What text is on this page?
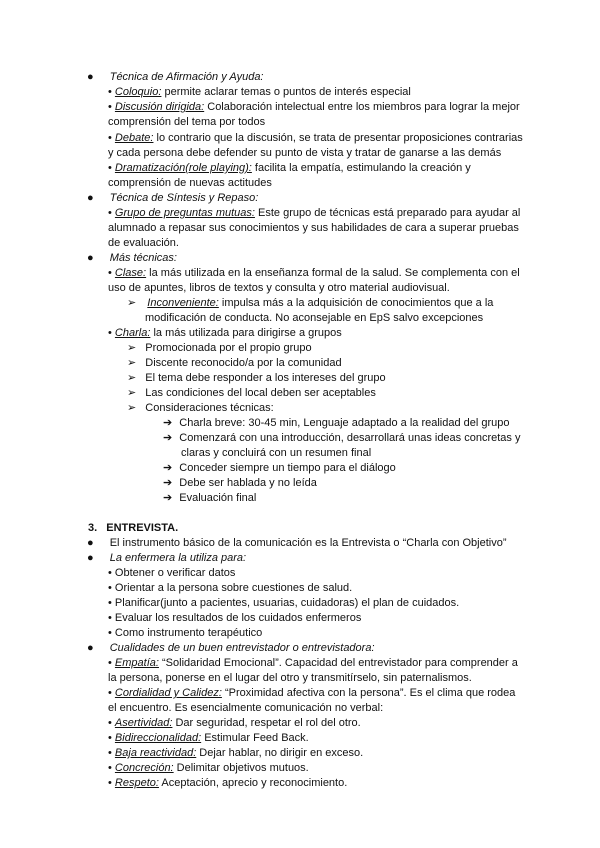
● Técnica de Afirmación y Ayuda:
• Coloquio: permite aclarar temas o puntos de interés especial
• Discusión dirigida: Colaboración intelectual entre los miembros para lograr la mejor
comprensión del tema por todos
• Debate: lo contrario que la discusión, se trata de presentar proposiciones contrarias
y cada persona debe defender su punto de vista y tratar de ganarse a las demás
• Dramatización(role playing): facilita la empatía, estimulando la creación y
comprensión de nuevas actitudes
● Técnica de Síntesis y Repaso:
• Grupo de preguntas mutuas: Este grupo de técnicas está preparado para ayudar al
alumnado a repasar sus conocimientos y sus habilidades de cara a superar pruebas
de evaluación.
● Más técnicas:
• Clase: la más utilizada en la enseñanza formal de la salud. Se complementa con el
uso de apuntes, libros de textos y consulta y otro material audiovisual.
➢ Inconveniente: impulsa más a la adquisición de conocimientos que a la
modificación de conducta. No aconsejable en EpS salvo excepciones
• Charla: la más utilizada para dirigirse a grupos
➢ Promocionada por el propio grupo
➢ Discente reconocido/a por la comunidad
➢ El tema debe responder a los intereses del grupo
➢ Las condiciones del local deben ser aceptables
➢ Consideraciones técnicas:
➔ Charla breve: 30-45 min, Lenguaje adaptado a la realidad del grupo
➔ Comenzará con una introducción, desarrollará unas ideas concretas y
claras y concluirá con un resumen final
➔ Conceder siempre un tiempo para el diálogo
➔ Debe ser hablada y no leída
➔ Evaluación final
3. ENTREVISTA.
● El instrumento básico de la comunicación es la Entrevista o “Charla con Objetivo”
● La enfermera la utiliza para:
• Obtener o verificar datos
• Orientar a la persona sobre cuestiones de salud.
• Planificar(junto a pacientes, usuarias, cuidadoras) el plan de cuidados.
• Evaluar los resultados de los cuidados enfermeros
• Como instrumento terapéutico
● Cualidades de un buen entrevistador o entrevistadora:
• Empatía: “Solidaridad Emocional”. Capacidad del entrevistador para comprender a
la persona, ponerse en el lugar del otro y transmitírselo, sin paternalismos.
• Cordialidad y Calidez: “Proximidad afectiva con la persona”. Es el clima que rodea
el encuentro. Es esencialmente comunicación no verbal:
• Asertividad: Dar seguridad, respetar el rol del otro.
• Bidireccionalidad: Estimular Feed Back.
• Baja reactividad: Dejar hablar, no dirigir en exceso.
• Concreción: Delimitar objetivos mutuos.
• Respeto: Aceptación, aprecio y reconocimiento.
